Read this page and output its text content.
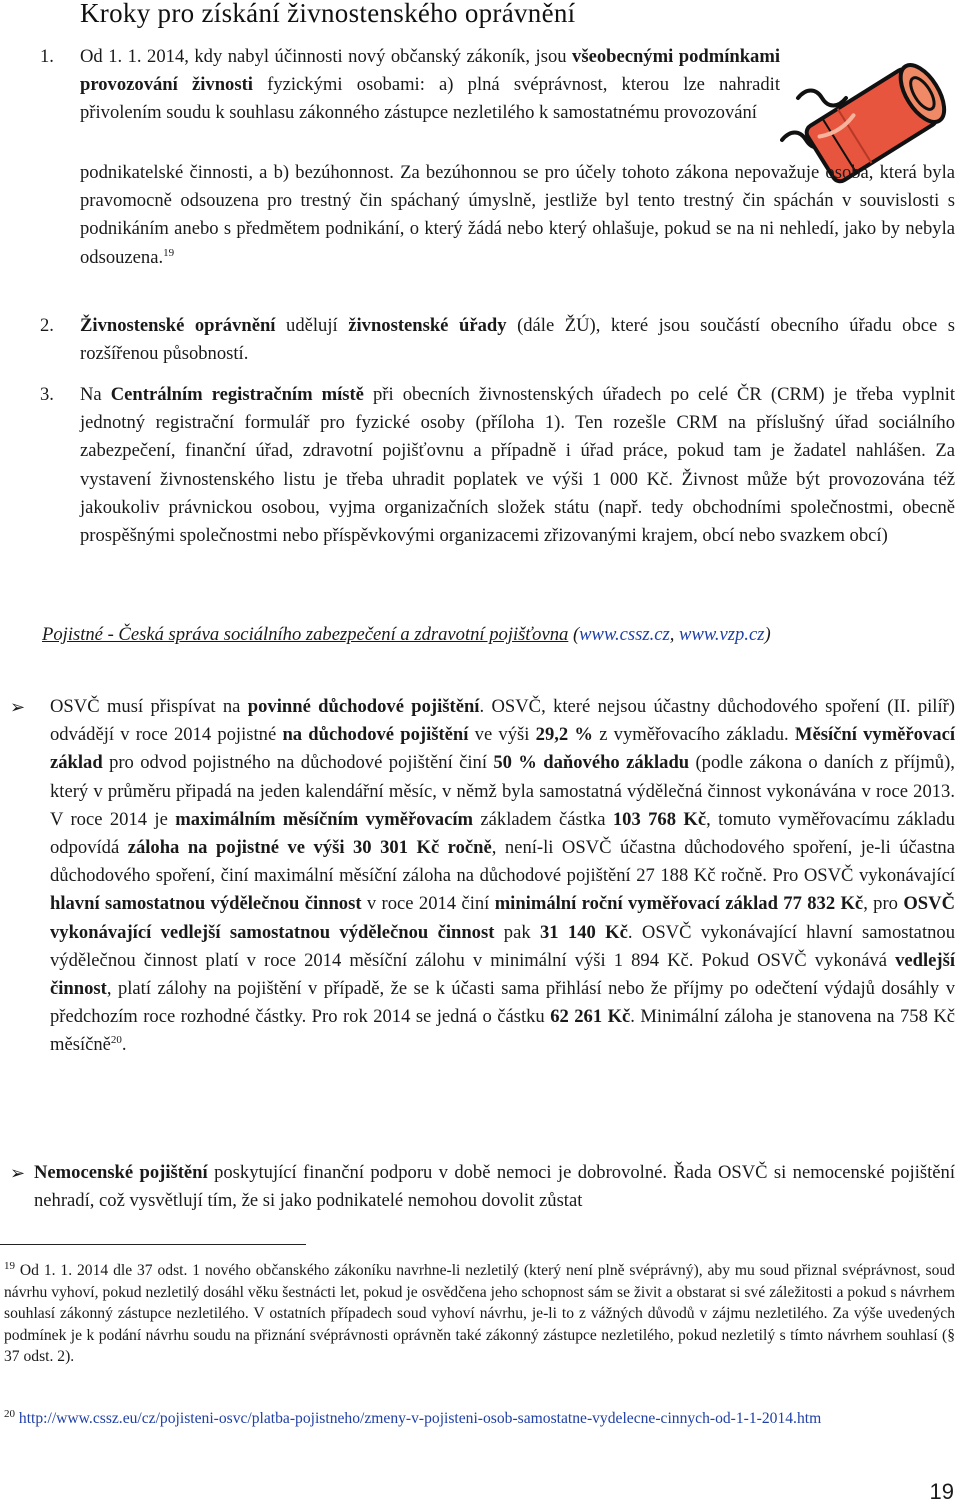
Kroky pro získání živnostenského oprávnění
1. Od 1. 1. 2014, kdy nabyl účinnosti nový občanský zákoník, jsou všeobecnými podmínkami provozování živnosti fyzickými osobami: a) plná svéprávnost, kterou lze nahradit přivolením soudu k souhlasu zákonného zástupce nezletilého k samostatnému provozování

podnikatelské činnosti, a b) bezúhonnost. Za bezúhonnou se pro účely tohoto zákona nepovažuje osoba, která byla pravomocně odsouzena pro trestný čin spáchaný úmyslně, jestliže byl tento trestný čin spáchán v souvislosti s podnikáním anebo s předmětem podnikání, o který žádá nebo který ohlašuje, pokud se na ni nehledí, jako by nebyla odsouzena.$^{19}$

2. Živnostenské oprávnění udělují živnostenské úřady (dále ŽÚ), které jsou součástí obecního úřadu obce s rozšířenou působností.

3. Na Centrálním registračním místě při obecních živnostenských úřadech po celé ČR (CRM) je třeba vyplnit jednotný registrační formulář pro fyzické osoby (příloha 1). Ten rozešle CRM na příslušný úřad sociálního zabezpečení, finanční úřad, zdravotní pojišťovnu a případně i úřad práce, pokud tam je žadatel nahlášen. Za vystavení živnostenského listu je třeba uhradit poplatek ve výši 1 000 Kč. Živnost může být provozována též jakoukoliv právnickou osobou, vyjma organizačních složek státu (např. tedy obchodními společnostmi, obecně prospěšnými společnostmi nebo příspěvkovými organizacemi zřizovanými krajem, obcí nebo svazkem obcí)

Pojistné - Česká správa sociálního zabezpečení a zdravotní pojišťovna (www.cssz.cz, www.vzp.cz)
➢ OSVČ musí přispívat na povinné důchodové pojištění. OSVČ, které nejsou účastny důchodového spoření (II. pilíř) odvádějí v roce 2014 pojistné na důchodové pojištění ve výši 29,2 % z vyměřovacího základu. Měsíční vyměřovací základ pro odvod pojistného na důchodové pojištění činí 50 % daňového základu (podle zákona o daních z příjmů), který v průměru připadá na jeden kalendářní měsíc, v němž byla samostatná výdělečná činnost vykonávána v roce 2013. V roce 2014 je maximálním měsíčním vyměřovacím základem částka 103 768 Kč, tomuto vyměřovacímu základu odpovídá záloha na pojistné ve výši 30 301 Kč ročně, není-li OSVČ účastna důchodového spoření, je-li účastna důchodového spoření, činí maximální měsíční záloha na důchodové pojištění 27 188 Kč ročně. Pro OSVČ vykonávající hlavní samostatnou výdělečnou činnost v roce 2014 činí minimální roční vyměřovací základ 77 832 Kč, pro OSVČ vykonávající vedlejší samostatnou výdělečnou činnost pak 31 140 Kč. OSVČ vykonávající hlavní samostatnou výdělečnou činnost platí v roce 2014 měsíční zálohu v minimální výši 1 894 Kč. Pokud OSVČ vykonává vedlejší činnost, platí zálohy na pojištění v případě, že se k účasti sama přihlásí nebo že příjmy po odečtení výdajů dosáhly v předchozím roce rozhodné částky. Pro rok 2014 se jedná o částku 62 261 Kč. Minimální záloha je stanovena na 758 Kč měsíčně$^{20}$.

➢ Nemocenské pojištění poskytující finanční podporu v době nemoci je dobrovolné. Řada OSVČ si nemocenské pojištění nehradí, což vysvětlují tím, že si jako podnikatelé nemohou dovolit zůstat

$^{19}$ Od 1. 1. 2014 dle 37 odst. 1 nového občanského zákoníku navrhne-li nezletilý (který není plně svéprávný), aby mu soud přiznal svéprávnost, soud návrhu vyhoví, pokud nezletilý dosáhl věku šestnácti let, pokud je osvědčena jeho schopnost sám se živit a obstarat si své záležitosti a pokud s návrhem souhlasí zákonný zástupce nezletilého. V ostatních případech soud vyhoví návrhu, je-li to z vážných důvodů v zájmu nezletilého. Za výše uvedených podmínek je k podání návrhu soudu na přiznání svéprávnosti oprávněn také zákonný zástupce nezletilého, pokud nezletilý s tímto návrhem souhlasí (§ 37 odst. 2).

$^{20}$ http://www.cssz.eu/cz/pojisteni-osvc/platba-pojistneho/zmeny-v-pojisteni-osob-samostatne-vydelecne-cinnych-od-1-1-2014.htm

19
